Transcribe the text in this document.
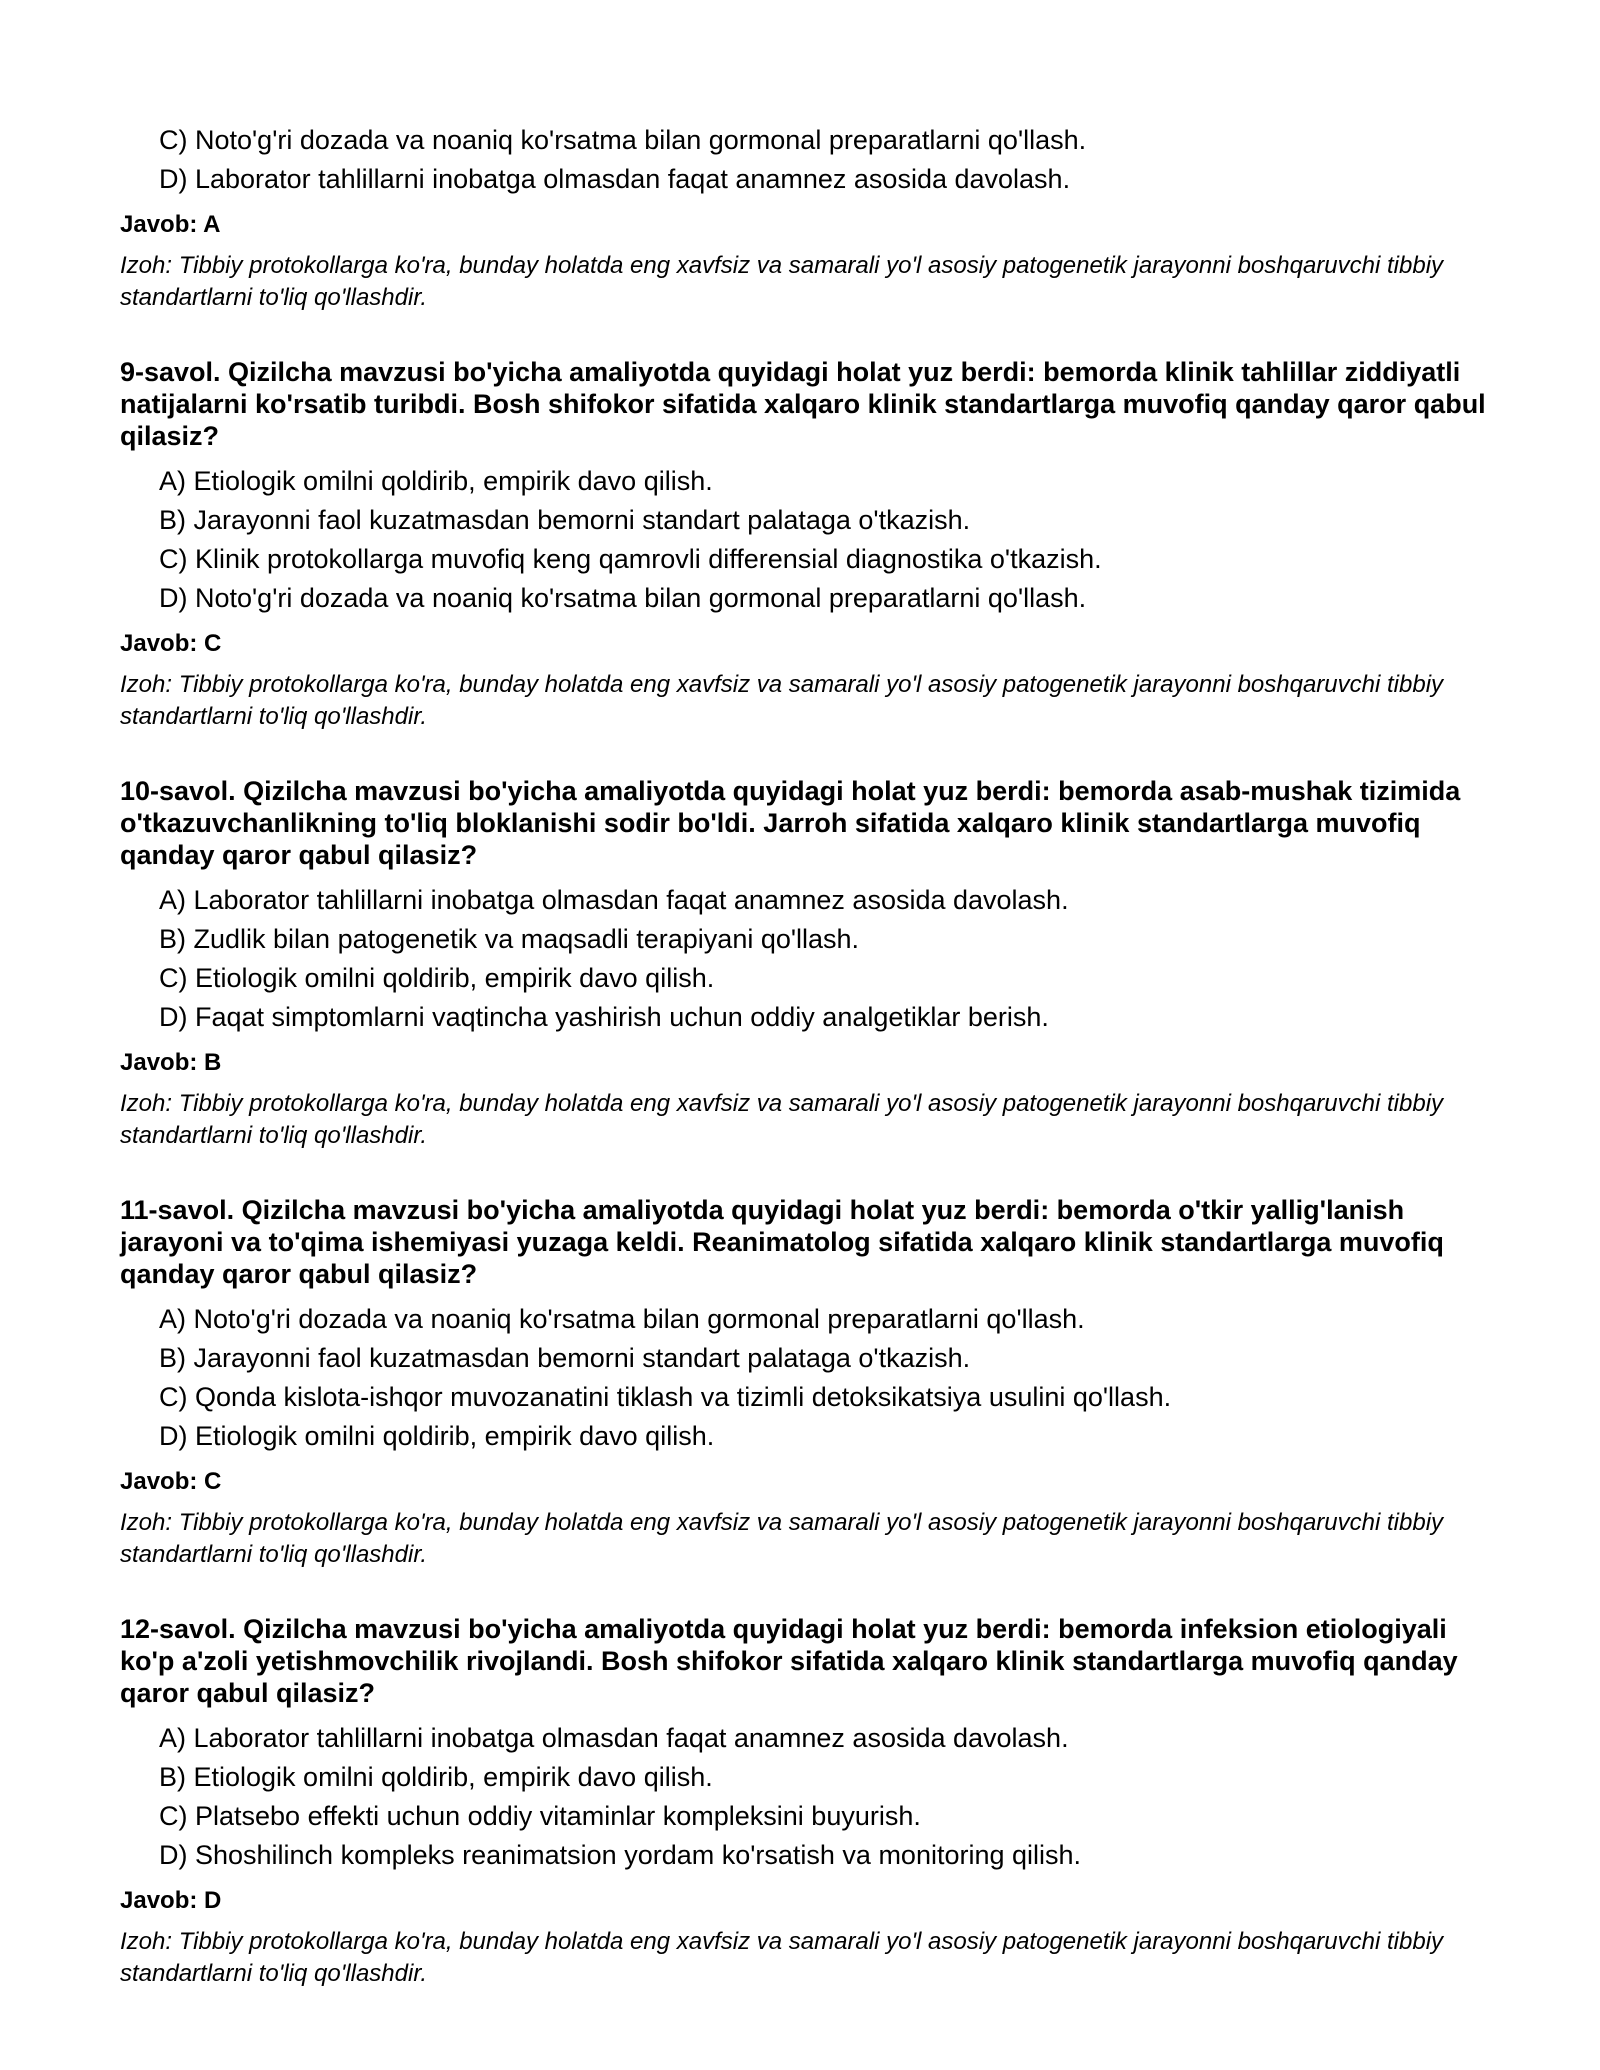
C) Noto'g'ri dozada va noaniq ko'rsatma bilan gormonal preparatlarni qo'llash.
D) Laborator tahlillarni inobatga olmasdan faqat anamnez asosida davolash.
Javob: A
Izoh: Tibbiy protokollarga ko'ra, bunday holatda eng xavfsiz va samarali yo'l asosiy patogenetik jarayonni boshqaruvchi tibbiy standartlarni to'liq qo'llashdir.
9-savol. Qizilcha mavzusi bo'yicha amaliyotda quyidagi holat yuz berdi: bemorda klinik tahlillar ziddiyatli natijalarni ko'rsatib turibdi. Bosh shifokor sifatida xalqaro klinik standartlarga muvofiq qanday qaror qabul qilasiz?
A) Etiologik omilni qoldirib, empirik davo qilish.
B) Jarayonni faol kuzatmasdan bemorni standart palataga o'tkazish.
C) Klinik protokollarga muvofiq keng qamrovli differensial diagnostika o'tkazish.
D) Noto'g'ri dozada va noaniq ko'rsatma bilan gormonal preparatlarni qo'llash.
Javob: C
Izoh: Tibbiy protokollarga ko'ra, bunday holatda eng xavfsiz va samarali yo'l asosiy patogenetik jarayonni boshqaruvchi tibbiy standartlarni to'liq qo'llashdir.
10-savol. Qizilcha mavzusi bo'yicha amaliyotda quyidagi holat yuz berdi: bemorda asab-mushak tizimida o'tkazuvchanlikning to'liq bloklanishi sodir bo'ldi. Jarroh sifatida xalqaro klinik standartlarga muvofiq qanday qaror qabul qilasiz?
A) Laborator tahlillarni inobatga olmasdan faqat anamnez asosida davolash.
B) Zudlik bilan patogenetik va maqsadli terapiyani qo'llash.
C) Etiologik omilni qoldirib, empirik davo qilish.
D) Faqat simptomlarni vaqtincha yashirish uchun oddiy analgetiklar berish.
Javob: B
Izoh: Tibbiy protokollarga ko'ra, bunday holatda eng xavfsiz va samarali yo'l asosiy patogenetik jarayonni boshqaruvchi tibbiy standartlarni to'liq qo'llashdir.
11-savol. Qizilcha mavzusi bo'yicha amaliyotda quyidagi holat yuz berdi: bemorda o'tkir yallig'lanish jarayoni va to'qima ishemiyasi yuzaga keldi. Reanimatolog sifatida xalqaro klinik standartlarga muvofiq qanday qaror qabul qilasiz?
A) Noto'g'ri dozada va noaniq ko'rsatma bilan gormonal preparatlarni qo'llash.
B) Jarayonni faol kuzatmasdan bemorni standart palataga o'tkazish.
C) Qonda kislota-ishqor muvozanatini tiklash va tizimli detoksikatsiya usulini qo'llash.
D) Etiologik omilni qoldirib, empirik davo qilish.
Javob: C
Izoh: Tibbiy protokollarga ko'ra, bunday holatda eng xavfsiz va samarali yo'l asosiy patogenetik jarayonni boshqaruvchi tibbiy standartlarni to'liq qo'llashdir.
12-savol. Qizilcha mavzusi bo'yicha amaliyotda quyidagi holat yuz berdi: bemorda infeksion etiologiyali ko'p a'zoli yetishmovchilik rivojlandi. Bosh shifokor sifatida xalqaro klinik standartlarga muvofiq qanday qaror qabul qilasiz?
A) Laborator tahlillarni inobatga olmasdan faqat anamnez asosida davolash.
B) Etiologik omilni qoldirib, empirik davo qilish.
C) Platsebo effekti uchun oddiy vitaminlar kompleksini buyurish.
D) Shoshilinch kompleks reanimatsion yordam ko'rsatish va monitoring qilish.
Javob: D
Izoh: Tibbiy protokollarga ko'ra, bunday holatda eng xavfsiz va samarali yo'l asosiy patogenetik jarayonni boshqaruvchi tibbiy standartlarni to'liq qo'llashdir.
